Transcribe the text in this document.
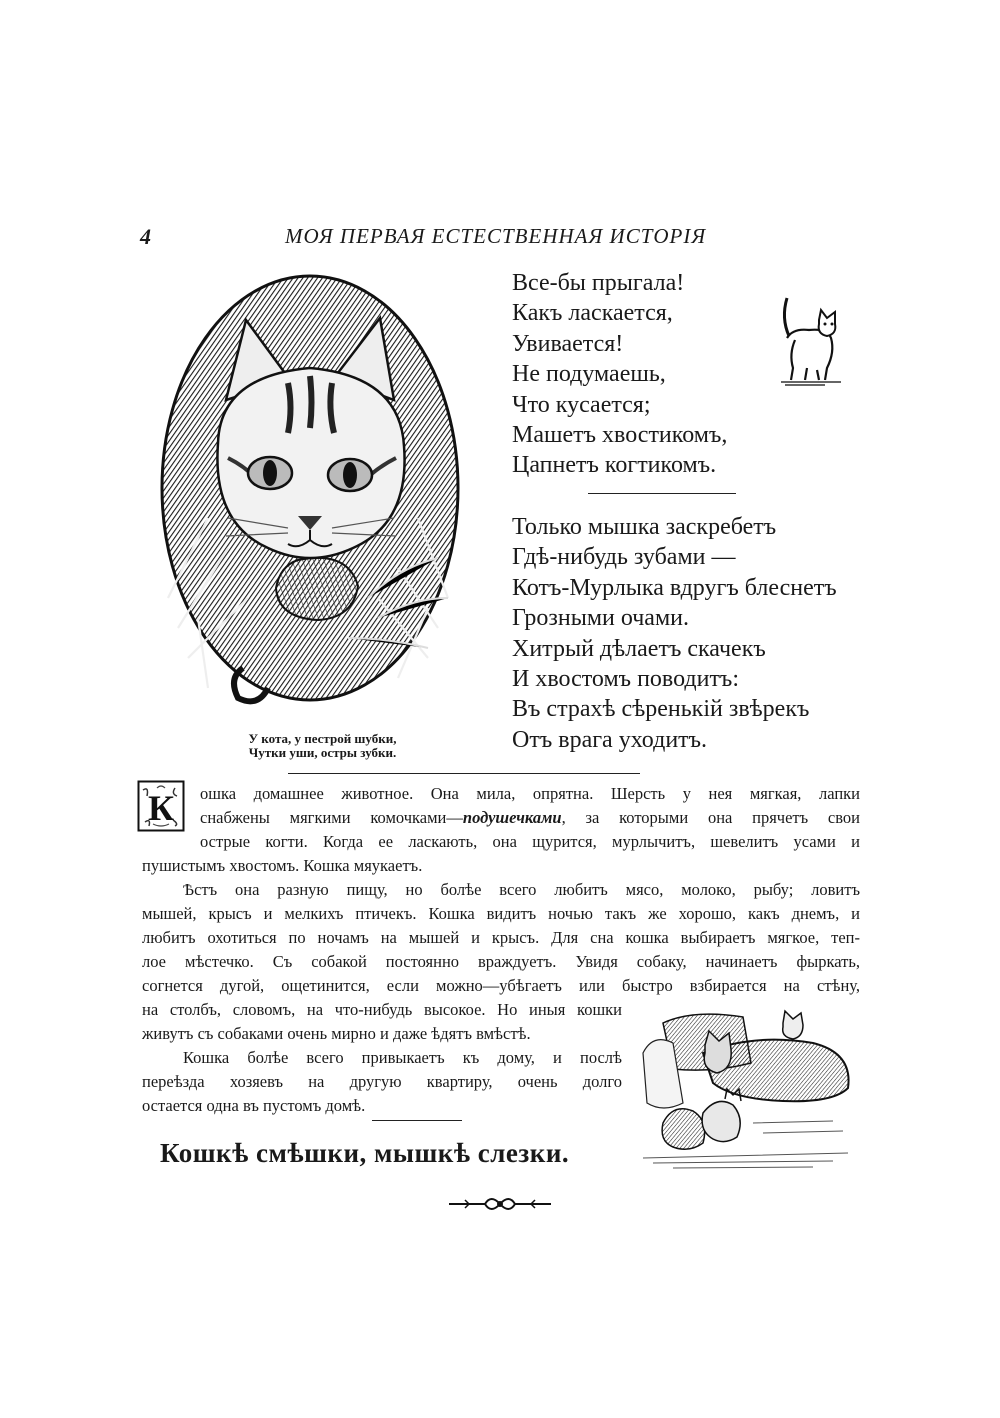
4	МОЯ ПЕРВАЯ ЕСТЕСТВЕННАЯ ИСТОРІЯ
У кота, у пестрой шубки,
Чутки уши, остры зубки.
Все-бы прыгала!
Какъ ласкается,
Увивается!
Не подумаешь,
Что кусается;
Машетъ хвостикомъ,
Цапнетъ когтикомъ.
Только мышка заскребетъ
Гдѣ-нибудь зубами —
Котъ-Мурлыка вдругъ блеснетъ
Грозными очами.
Хитрый дѣлаетъ скачекъ
И хвостомъ поводитъ:
Въ страхѣ сѣренькій звѣрекъ
Отъ врага уходитъ.
К ошка домашнее животное. Она мила, опрятна. Шерсть у нея мягкая, лапки
снабжены мягкими комочками—подушечками, за которыми она прячетъ свои
острые когти. Когда ее ласкають, она щурится, мурлычитъ, шевелитъ усами и
пушистымъ хвостомъ. Кошка мяукаетъ.
Ѣстъ она разную пищу, но болѣе всего любитъ мясо, молоко, рыбу; ловитъ
мышей, крысъ и мелкихъ птичекъ. Кошка видитъ ночью такъ же хорошо, какъ днемъ, и
любитъ охотиться по ночамъ на мышей и крысъ. Для сна кошка выбираетъ мягкое, теп-
лое мѣстечко. Съ собакой постоянно враждуетъ. Увидя собаку, начинаетъ фыркать,
согнется дугой, ощетинится, если можно—убѣгаетъ или быстро взбирается на стѣну,
на столбъ, словомъ, на что-нибудь высокое. Но иныя кошки
живутъ съ собаками очень мирно и даже ѣдятъ вмѣстѣ.
Кошка болѣе всего привыкаетъ къ дому, и послѣ
переѣзда хозяевъ на другую квартиру, очень долго
остается одна въ пустомъ домѣ.
Кошкѣ смѣшки, мышкѣ слезки.
